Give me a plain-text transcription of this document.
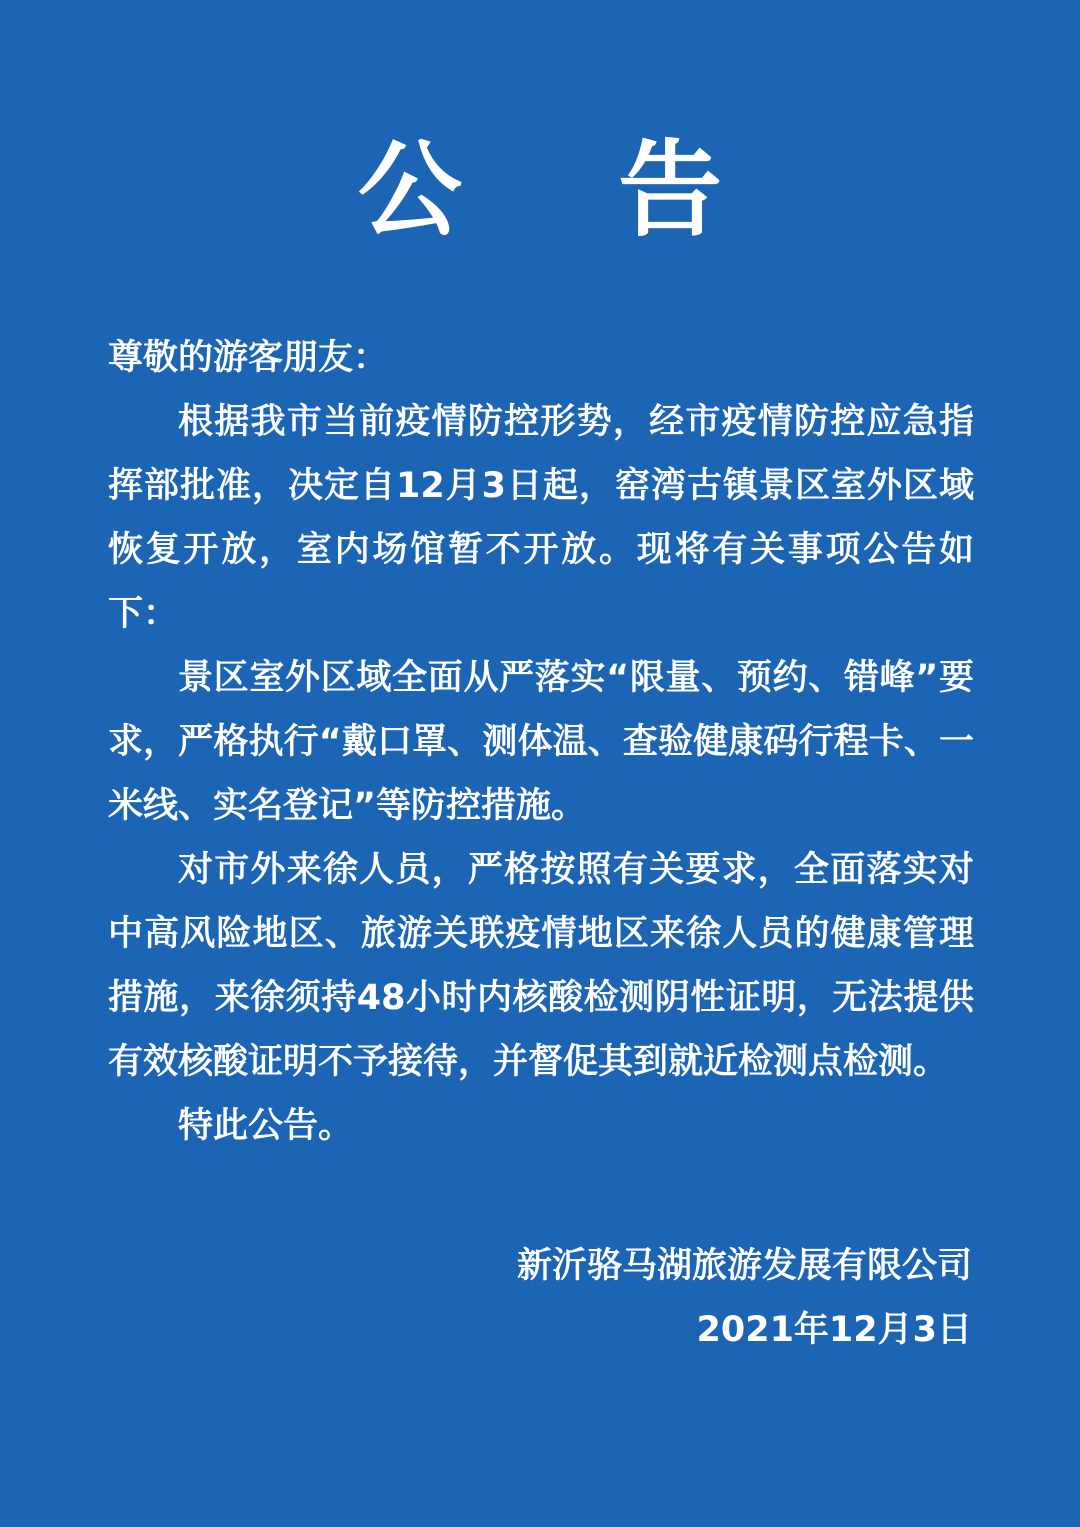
公 告

尊敬的游客朋友：

根据我市当前疫情防控形势，经市疫情防控应急指挥部批准，决定自12月3日起，窑湾古镇景区室外区域恢复开放，室内场馆暂不开放。现将有关事项公告如下：

景区室外区域全面从严落实“限量、预约、错峰”要求，严格执行“戴口罩、测体温、查验健康码行程卡、一米线、实名登记”等防控措施。

对市外来徐人员，严格按照有关要求，全面落实对中高风险地区、旅游关联疫情地区来徐人员的健康管理措施，来徐须持48小时内核酸检测阴性证明，无法提供有效核酸证明不予接待，并督促其到就近检测点检测。

特此公告。

新沂骆马湖旅游发展有限公司
2021年12月3日
